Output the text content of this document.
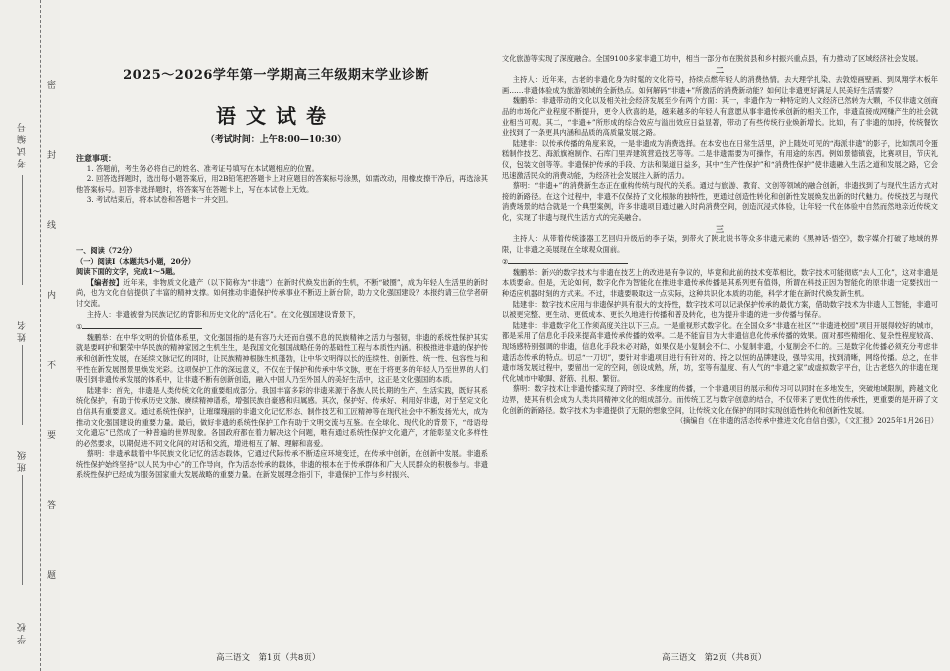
考试编号
姓名
班级
学校
密
封
线
内
不
要
答
题
2025～2026学年第一学期高三年级期末学业诊断
语文试卷
（考试时间：上午8:00—10:30）

注意事项：

1. 答题前，考生务必将自己的姓名、准考证号填写在本试题相应的位置。

2. 回答选择题时，选出每小题答案后，用2B铅笔把答题卡上对应题目的答案标号涂黑，如需改动，用橡皮擦干净后，再选涂其他答案标号。回答非选择题时，将答案写在答题卡上，写在本试卷上无效。

3. 考试结束后，将本试卷和答题卡一并交回。

一、阅读（72分）

（一）阅读Ⅰ（本题共5小题，20分）

阅读下面的文字，完成1～5题。

【编者按】近年来，非物质文化遗产（以下简称为“非遗”）在新时代焕发出新的生机，不断“破圈”，成为年轻人生活里的新时尚，也为文化自信提供了丰富的精神支撑。如何推动非遗保护传承事业不断迈上新台阶，助力文化强国建设？本报约请三位学者研讨交流。

主持人：非遗被誉为民族记忆的背影和历史文化的“活化石”。在文化强国建设背景下，

①

魏鹏举：在中华文明的价值体系里，文化强国指的是有容乃大还而自强不息的民族精神之活力与强韧，非遗的系统性保护其实就是要呵护和繁荣中华民族的精神家园之生机生生，是我国文化强国战略任务的基础性工程与本质性内涵。积极推进非遗的保护传承和创新性发展，在延续文脉记忆的同时，让民族精神根脉生机蓬勃，让中华文明得以长的连续性、创新性、统一性、包容性与和平性在新发展图景里焕发光彩。这项保护工作的深远意义，不仅在于保护和传承中华文脉，更在于将更多的年轻人乃至世界的人们吸引到非遗传承发展的体系中，让非遗不断有创新创造，融入中国人乃至外国人的美好生活中，这正是文化强国的本质。

陆建非：首先，非遗是人类传统文化的重要组成部分。我国丰富多彩的非遗来源于各族人民长期的生产、生活实践，既好其系统化保护，有助于传承历史文脉、赓续精神谱系，增强民族自豪感和归属感。其次，保护好、传承好、利用好非遗，对于坚定文化自信具有重要意义。通过系统性保护，让璀璨瑰丽的非遗文化记忆形态、制作技艺和工匠精神等在现代社会中不断发扬光大，成为推动文化强国建设的重要力量。最后，做好非遗的系统性保护工作有助于文明交流与互鉴。在全球化、现代化的背景下，“母语母文化遗忘”已然成了一种普遍的世界现象。各国政府都在着力解决这个问题，唯有通过系统性保护文化遗产，才能彰显文化多样性的必然要求，以期促进不同文化间的对话和交流，增进相互了解、理解和喜爱。

蔡明：非遗承载着中华民族文化记忆的活态载体，它通过代际传承不断适应环境变迁，在传承中创新，在创新中发展。非遗系统性保护始终坚持“以人民为中心”的工作导向，作为活态传承的载体，非遗的根本在于传承群体和广大人民群众的积极参与。非遗系统性保护已经成为服务国家重大发展战略的重要力量。在新发展理念指引下，非遗保护工作与乡村振兴、

高三语文　第1页（共8页）

文化旅游等实现了深度融合。全国9100多家非遗工坊中，相当一部分布在脱贫县和乡村振兴重点县，有力推动了区域经济社会发展。

二

主持人：近年来，古老的非遗化身为时髦的文化符号，持续点燃年轻人的消费热情。去大理学扎染、去敦煌画壁画、到凤翔学木板年画……非遗体验成为旅游领域的全新热点。如何解码“非遗+”所激活的消费新动能？如何让非遗更好满足人民美好生活需要？

魏鹏举：非遗带动的文化以及相关社会经济发展至少有两个方面：其一，非遗作为一种特定的人文经济已然转为大颗，不仅非遗文创商品的市场化产业程度不断提升，更令人欣喜的是，越来越多的年轻人有意愿从事非遗传承创新的相关工作，非遗直接成网赚产生的社会就业相当可观。其二，“非遗+”所形成的综合效应与溢出效应日益显著，带动了有些传统行业焕新增长。比如，有了非遗的加持，传统餐饮业找到了一条更具内涵和品质的高质量发展之路。

陆建非：以传承传播的角度来说，一是非遗成为消费选择。在本安也在日常生活里，沪上随处可见的“海派非遗”的影子，比如凯司令蛋糕制作技艺、海派旗袍制作、石库门里弄建筑营造技艺等等。二是非遗需要为可操作，有用途的东西。例如景德镇瓷，比赛项目，节庆礼仪，包装文创等等。非遗保护传承的手段、方法和渠道日益多，其中“生产性保护”和“消费性保护”使非遗融入生活之道和发展之路，它会迅速激活民众的消费动能，为经济社会发展注入新的活力。

蔡明：“非遗+”的消费新生态正在重构传统与现代的关系。通过与旅游、教育、文创等领域的融合创新，非遗找到了与现代生活方式对接的新路径。在这个过程中，非遗不仅保持了文化根脉的独特性，更通过创造性转化和创新性发展焕发出新的时代魅力。传统技艺与现代消费场景的结合就是一个典型案例，许多非遗项目通过融入时尚消费空间，创造沉浸式体验，让年轻一代在体验中自然而然地亲近传统文化，实现了非遗与现代生活方式的完美融合。

三

主持人：从带着传统漆器工艺回归升级后的李子柒，到带火了陕北说书等众多非遗元素的《黑神话·悟空》，数字媒介打破了地域的界限，让非遗之美展现在全球观众面前。

②

魏鹏举：新兴的数字技术与非遗在技艺上的改进是有争议的，毕竟和此前的技术变革相比，数字技术可能彻底“去人工化”，这对非遗是本质要命。但是，无论如何，数字化作为智能化在推进非遗传承传播是其系列更有值得，所谓在科技正因为智能化的原非遗一定要找出一种适应机器时刻的方式来。不过，非遗要吸取这一点实际，这种共识化本质的功能，科学才能在新时代焕发新生机。

陆建非：数字技术应用与非遗保护具有很大的支持性，数字技术可以记录保护传承的最优方案，借助数字技术为非遗人工智能，非遗可以被更完整、更生动、更低成本、更长久地进行传播和普及转化，也为提升非遗的进一步传播与保存。

陆建非：非遗数字化工作须高度关注以下三点。一是重视形式数字化。在全国众多“非遗在社区”“非遗进校园”项目开展得较好的城市，都是采用了信息化手段来提高非遗传承传播的效率。二是不能盲目为大非遗信息化传承传播的效果。面对那些精细化、复杂性程度较高、现场感特别强调的非遗，信息化手段未必对路，如果仅是小复制会不仁、小复制非遗，小复制会不仁的。三是数字化传播必须充分考虑非遗活态传承的特点。切忌“一刀切”，要针对非遗项目进行有针对的、持之以恒的品牌建设，强导实用，找到清晰，网络传播。总之，在非遗市场发展过程中，要留出一定的空间，创设成熟，所，坊，室等有温度、有人气的“非遗之家”或虚拟数字平台，让古老悠久的非遗在现代化城市中歇脚、舒筋、扎根、繁衍。

蔡明：数字技术让非遗传播实现了跨时空、多维度的传播，一个非遗项目的展示和传习可以同时在多地发生，突破地域限制，跨越文化边界，使其有机会成为人类共同精神文化的组成部分。而传统工艺与数字创意的结合，不仅带来了更优性的传承性，更重要的是开辟了文化创新的新路径。数字技术为非遗提供了无限的想象空间，让传统文化在保护的同时实现创造性转化和创新性发展。

（摘编自《在非遗的活态传承中推进文化自信自强》，《文汇报》2025年1月26日）

高三语文　第2页（共8页）
